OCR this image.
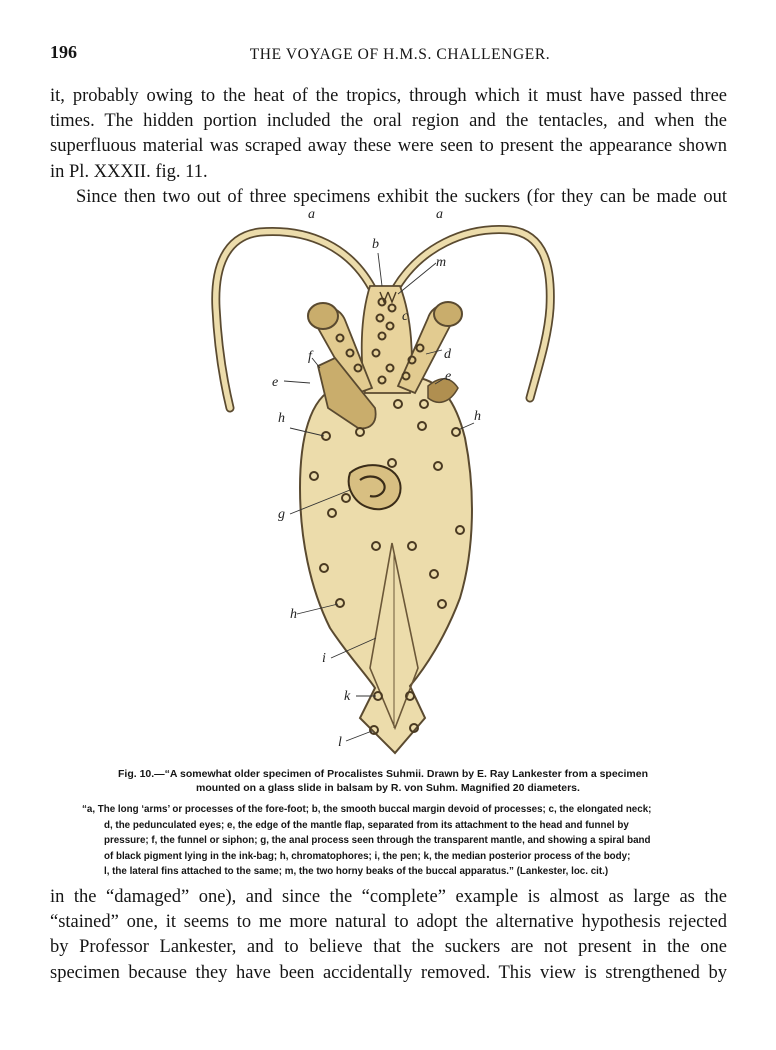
196	THE VOYAGE OF H.M.S. CHALLENGER.
it, probably owing to the heat of the tropics, through which it must have passed three
times. The hidden portion included the oral region and the tentacles, and when the
superfluous material was scraped away these were seen to present the appearance shown
in Pl. XXXII. fig. 11.
Since then two out of three specimens exhibit the suckers (for they can be made out
a	a
b
m
c
d
f
e	e
h	h
g
h
i
k
l
Fig. 10.—“A somewhat older specimen of Procalistes Suhmii. Drawn by E. Ray Lankester from a specimen
mounted on a glass slide in balsam by R. von Suhm. Magnified 20 diameters.
“a, The long ‘arms’ or processes of the fore-foot; b, the smooth buccal margin devoid of processes; c, the elongated neck;
d, the pedunculated eyes; e, the edge of the mantle flap, separated from its attachment to the head and funnel by
pressure; f, the funnel or siphon; g, the anal process seen through the transparent mantle, and showing a spiral band
of black pigment lying in the ink-bag; h, chromatophores; i, the pen; k, the median posterior process of the body;
l, the lateral fins attached to the same; m, the two horny beaks of the buccal apparatus.” (Lankester, loc. cit.)
in the “damaged” one), and since the “complete” example is almost as large as the
“stained” one, it seems to me more natural to adopt the alternative hypothesis rejected
by Professor Lankester, and to believe that the suckers are not present in the one
specimen because they have been accidentally removed. This view is strengthened by
